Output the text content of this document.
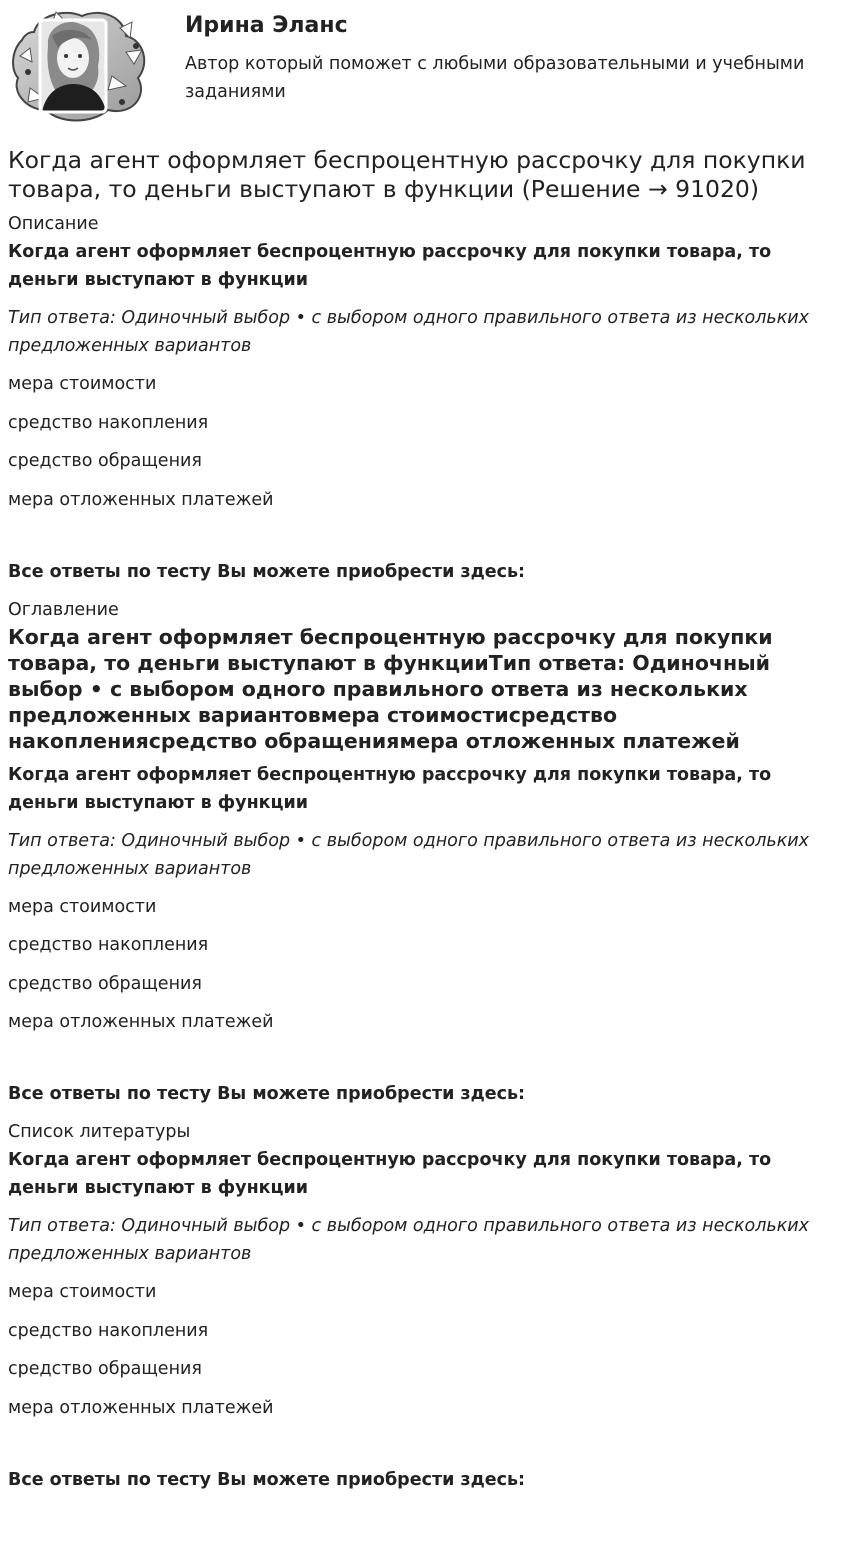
Ирина Эланс

Автор который поможет с любыми образовательными и учебными заданиями

Когда агент оформляет беспроцентную рассрочку для покупки товара, то деньги выступают в функции (Решение → 91020)
Описание
Когда агент оформляет беспроцентную рассрочку для покупки товара, то деньги выступают в функции
Тип ответа: Одиночный выбор • с выбором одного правильного ответа из нескольких предложенных вариантов
мера стоимости
средство накопления
средство обращения
мера отложенных платежей
Все ответы по тесту Вы можете приобрести здесь:
Оглавление
Когда агент оформляет беспроцентную рассрочку для покупки товара, то деньги выступают в функцииТип ответа: Одиночный выбор • с выбором одного правильного ответа из нескольких предложенных вариантовмера стоимостисредство накоплениясредство обращениямера отложенных платежей
Когда агент оформляет беспроцентную рассрочку для покупки товара, то деньги выступают в функции
Тип ответа: Одиночный выбор • с выбором одного правильного ответа из нескольких предложенных вариантов
мера стоимости
средство накопления
средство обращения
мера отложенных платежей
Все ответы по тесту Вы можете приобрести здесь:
Список литературы
Когда агент оформляет беспроцентную рассрочку для покупки товара, то деньги выступают в функции
Тип ответа: Одиночный выбор • с выбором одного правильного ответа из нескольких предложенных вариантов
мера стоимости
средство накопления
средство обращения
мера отложенных платежей
Все ответы по тесту Вы можете приобрести здесь:
